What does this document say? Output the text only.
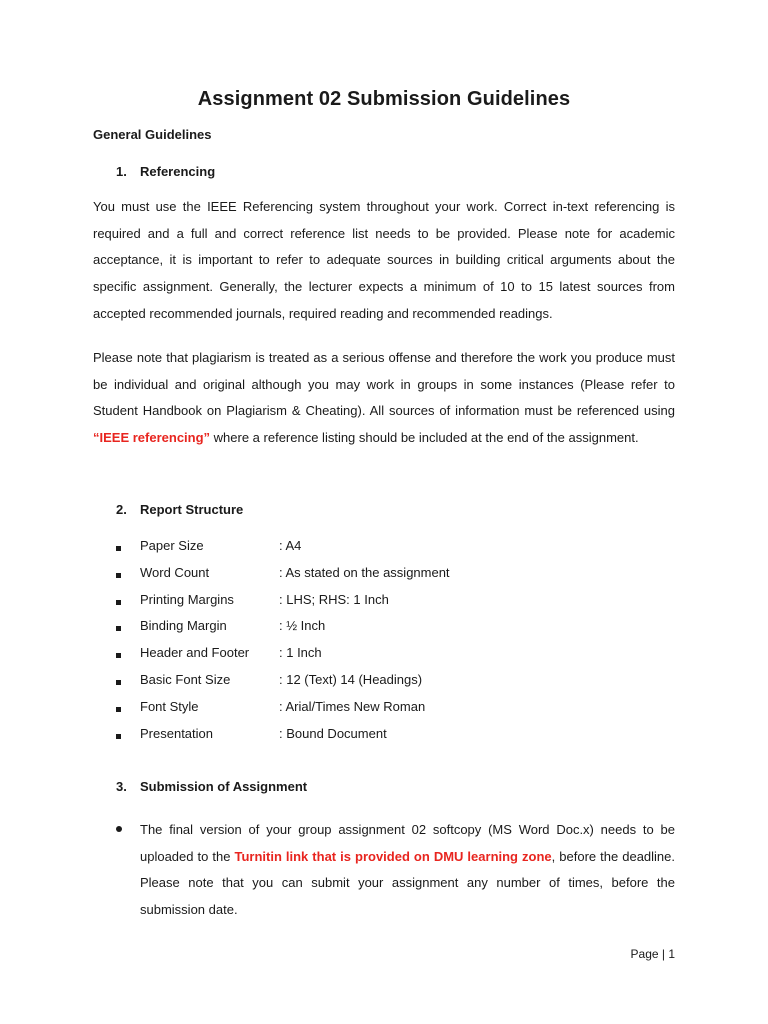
Assignment 02 Submission Guidelines
General Guidelines
1. Referencing
You must use the IEEE Referencing system throughout your work. Correct in-text referencing is required and a full and correct reference list needs to be provided. Please note for academic acceptance, it is important to refer to adequate sources in building critical arguments about the specific assignment. Generally, the lecturer expects a minimum of 10 to 15 latest sources from accepted recommended journals, required reading and recommended readings.
Please note that plagiarism is treated as a serious offense and therefore the work you produce must be individual and original although you may work in groups in some instances (Please refer to Student Handbook on Plagiarism & Cheating). All sources of information must be referenced using “IEEE referencing” where a reference listing should be included at the end of the assignment.
2. Report Structure
Paper Size	: A4
Word Count	: As stated on the assignment
Printing Margins	: LHS; RHS: 1 Inch
Binding Margin	: ½ Inch
Header and Footer : 1 Inch
Basic Font Size	: 12 (Text) 14 (Headings)
Font Style	: Arial/Times New Roman
Presentation	: Bound Document
3. Submission of Assignment
The final version of your group assignment 02 softcopy (MS Word Doc.x) needs to be uploaded to the Turnitin link that is provided on DMU learning zone, before the deadline. Please note that you can submit your assignment any number of times, before the submission date.
Page | 1
